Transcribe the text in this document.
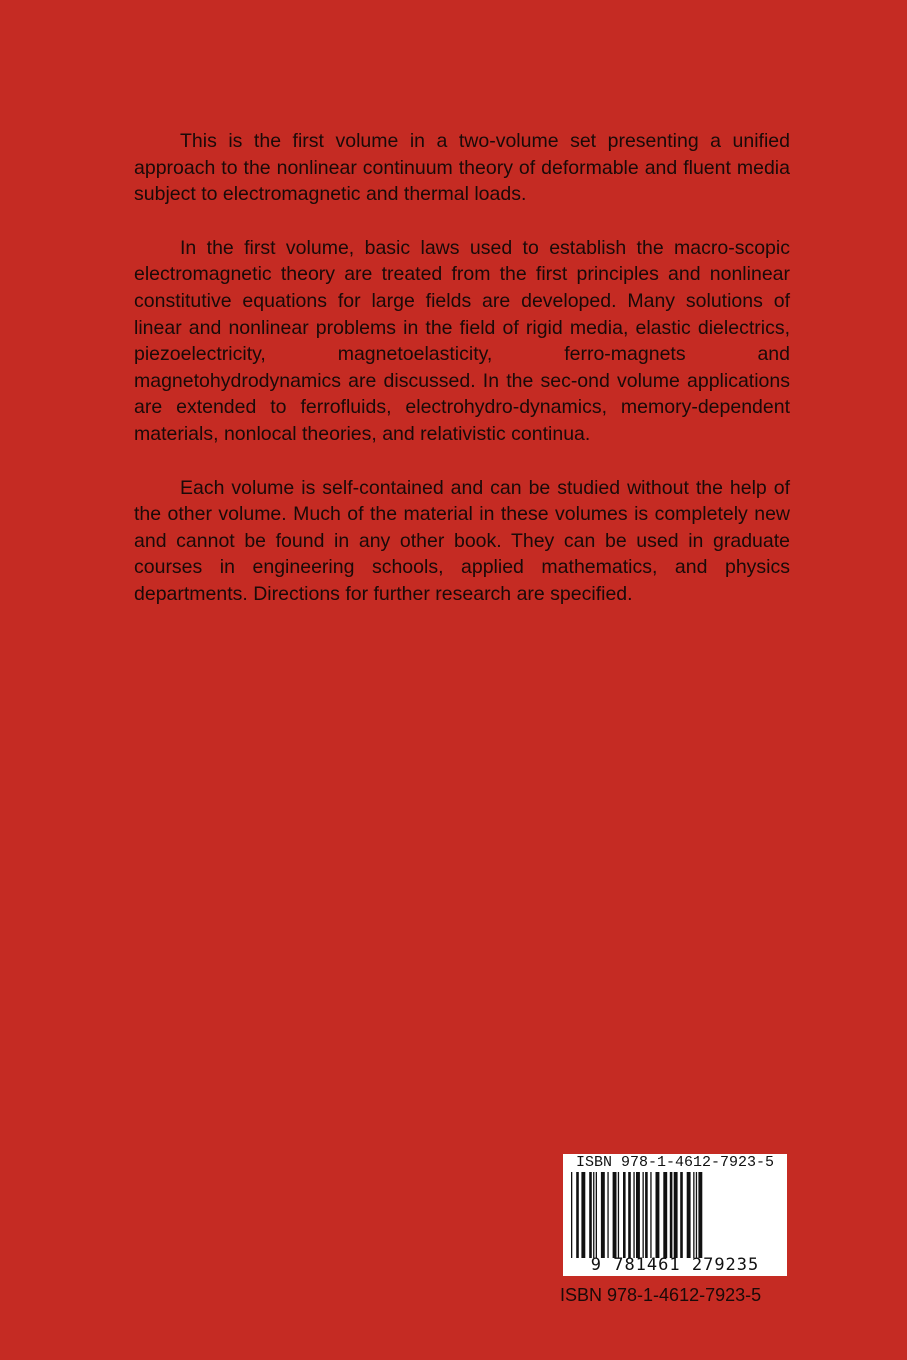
This is the first volume in a two-volume set presenting a unified approach to the nonlinear continuum theory of deformable and fluent media subject to electromagnetic and thermal loads.

In the first volume, basic laws used to establish the macro-scopic electromagnetic theory are treated from the first principles and nonlinear constitutive equations for large fields are developed. Many solutions of linear and nonlinear problems in the field of rigid media, elastic dielectrics, piezoelectricity, magnetoelasticity, ferro-magnets and magnetohydrodynamics are discussed. In the sec-ond volume applications are extended to ferrofluids, electrohydro-dynamics, memory-dependent materials, nonlocal theories, and relativistic continua.

Each volume is self-contained and can be studied without the help of the other volume. Much of the material in these volumes is completely new and cannot be found in any other book. They can be used in graduate courses in engineering schools, applied mathematics, and physics departments. Directions for further research are specified.

ISBN 978-1-4612-7923-5
9 781461 279235
ISBN 978-1-4612-7923-5
